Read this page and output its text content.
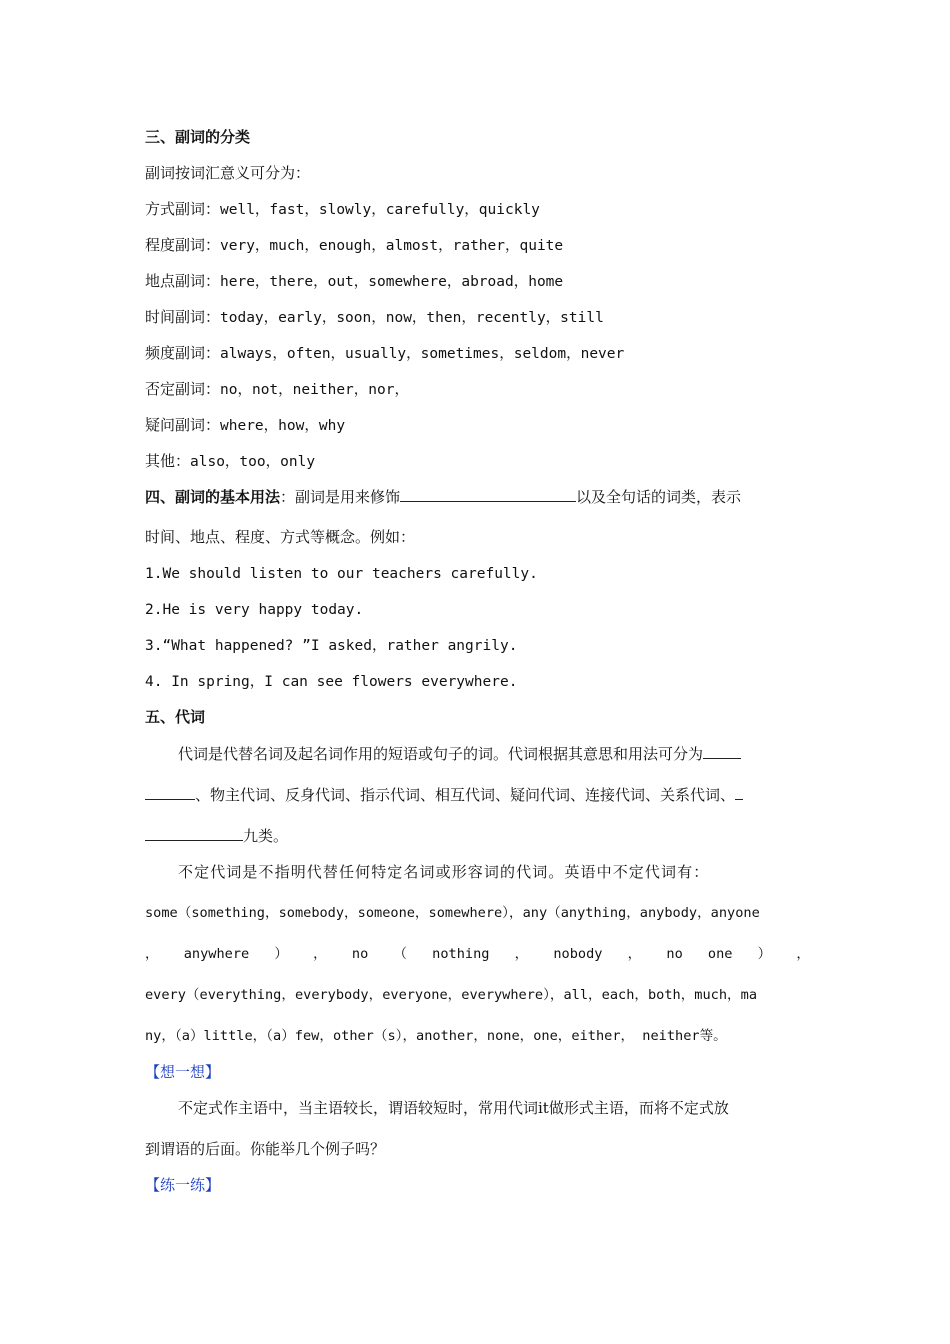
三、副词的分类
副词按词汇意义可分为：
方式副词：well，fast，slowly，carefully，quickly
程度副词：very，much，enough，almost，rather，quite
地点副词：here，there，out，somewhere，abroad，home
时间副词：today，early，soon，now，then，recently，still
频度副词：always，often，usually，sometimes，seldom，never
否定副词：no，not，neither，nor，
疑问副词：where，how，why
其他：also，too，only
四、副词的基本用法：副词是用来修饰	以及全句话的词类，表示
时间、地点、程度、方式等概念。例如：
1.We should listen to our teachers carefully.
2.He is very happy today.
3.“What happened? ”I asked，rather angrily.
4. In spring，I can see flowers everywhere.
五、代词
代词是代替名词及起名词作用的短语或句子的词。代词根据其意思和用法可分为
、物主代词、反身代词、指示代词、相互代词、疑问代词、连接代词、关系代词、
九类。
不定代词是不指明代替任何特定名词或形容词的代词。英语中不定代词有：
some（something，somebody，someone，somewhere），any（anything，anybody，anyone
， anywhere ） ， no （ nothing ， nobody ， no one ） ，
every（everything，everybody，everyone，everywhere），all，each，both，much，ma
ny，（a）little，（a）few，other（s），another，none，one，either， neither等。
【想一想】
不定式作主语中，当主语较长，谓语较短时，常用代词it做形式主语，而将不定式放
到谓语的后面。你能举几个例子吗？
【练一练】
